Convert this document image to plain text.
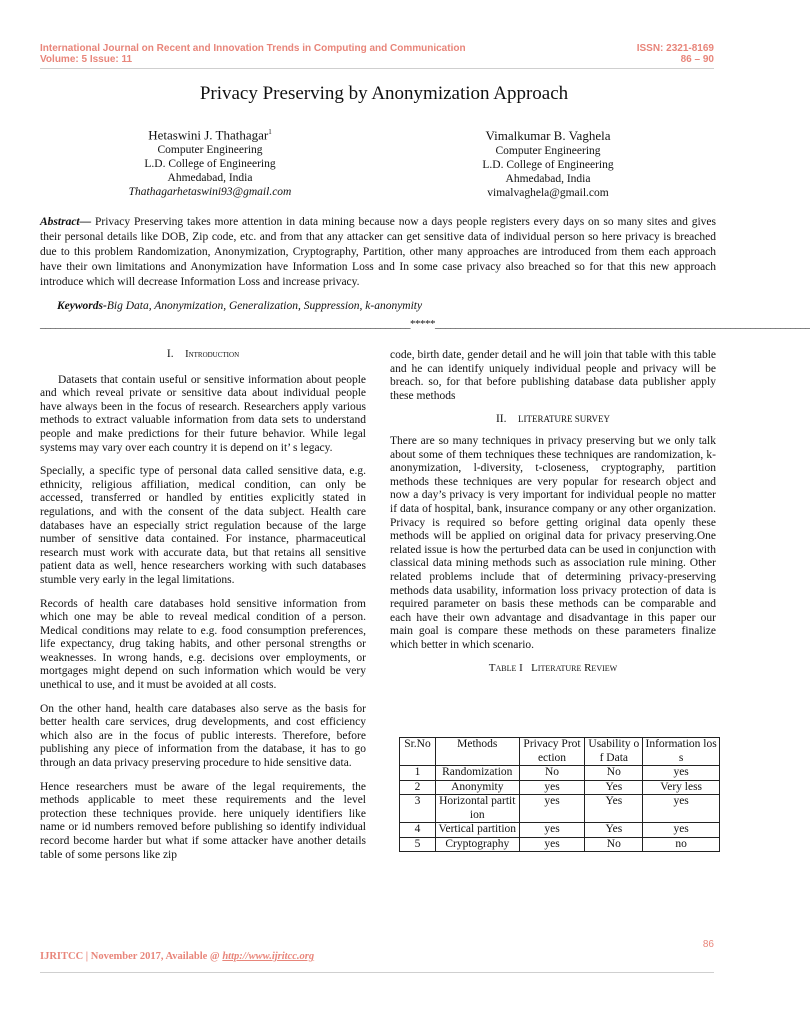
International Journal on Recent and Innovation Trends in Computing and Communication
Volume: 5 Issue: 11
ISSN: 2321-8169
86 – 90
Privacy Preserving by Anonymization Approach
Hetaswini J. Thathagar$^1$
Computer Engineering
L.D. College of Engineering
Ahmedabad, India
Thathagarhetaswini93@gmail.com
Vimalkumar B. Vaghela
Computer Engineering
L.D. College of Engineering
Ahmedabad, India
vimalvaghela@gmail.com
Abstract— Privacy Preserving takes more attention in data mining because now a days people registers every days on so many sites and gives their personal details like DOB, Zip code, etc. and from that any attacker can get sensitive data of individual person so here privacy is breached due to this problem Randomization, Anonymization, Cryptography, Partition, other many approaches are introduced from them each approach have their own limitations and Anonymization have Information Loss and In some case privacy also breached so for that this new approach introduce which will decrease Information Loss and increase privacy.
Keywords-Big Data, Anonymization, Generalization, Suppression, k-anonymity
__________________________________________________________________________*****___________________________________________________________________________
I. Introduction

Datasets that contain useful or sensitive information about people and which reveal private or sensitive data about individual people have always been in the focus of research. Researchers apply various methods to extract valuable information from data sets to understand people and make predictions for their future behavior. While legal systems may vary over each country it is depend on it’ s legacy.

Specially, a specific type of personal data called sensitive data, e.g. ethnicity, religious affiliation, medical condition, can only be accessed, transferred or handled by entities explicitly stated in regulations, and with the consent of the data subject. Health care databases have an especially strict regulation because of the large number of sensitive data contained. For instance, pharmaceutical research must work with accurate data, but that retains all sensitive patient data as well, hence researchers working with such databases stumble very early in the legal limitations.

Records of health care databases hold sensitive information from which one may be able to reveal medical condition of a person. Medical conditions may relate to e.g. food consumption preferences, life expectancy, drug taking habits, and other personal strengths or weaknesses. In wrong hands, e.g. decisions over employments, or mortgages might depend on such information which would be very unethical to use, and it must be avoided at all costs.

On the other hand, health care databases also serve as the basis for better health care services, drug developments, and cost efficiency which also are in the focus of public interests. Therefore, before publishing any piece of information from the database, it has to go through an data privacy preserving procedure to hide sensitive data.

Hence researchers must be aware of the legal requirements, the methods applicable to meet these requirements and the level protection these techniques provide. here uniquely identifiers like name or id numbers removed before publishing so identify individual record become harder but what if some attacker have another details table of some persons like zip

code, birth date, gender detail and he will join that table with this table and he can identify uniquely individual people and privacy will be breach. so, for that before publishing database data publisher apply these methods

II. LITERATURE SURVEY

There are so many techniques in privacy preserving but we only talk about some of them techniques these techniques are randomization, k-anonymization, l-diversity, t-closeness, cryptography, partition methods these techniques are very popular for research object and now a day’s privacy is very important for individual people no matter if data of hospital, bank, insurance company or any other organization. Privacy is required so before getting original data openly these methods will be applied on original data for privacy preserving.One related issue is how the perturbed data can be used in conjunction with classical data mining methods such as association rule mining. Other related problems include that of determining privacy-preserving methods data usability, information loss privacy protection of data is required parameter on basis these methods can be comparable and each have their own advantage and disadvantage in this paper our main goal is compare these methods on these parameters finalize which better in which scenario.

Table I Literature Review
Sr.No	Methods	Privacy Protection	Usability of Data	Information loss
1	Randomization	No	No	yes
2	Anonymity	yes	Yes	Very less
3	Horizontal partition	yes	Yes	yes
4	Vertical partition	yes	Yes	yes
5	Cryptography	yes	No	no
86
IJRITCC | November 2017, Available @ http://www.ijritcc.org
